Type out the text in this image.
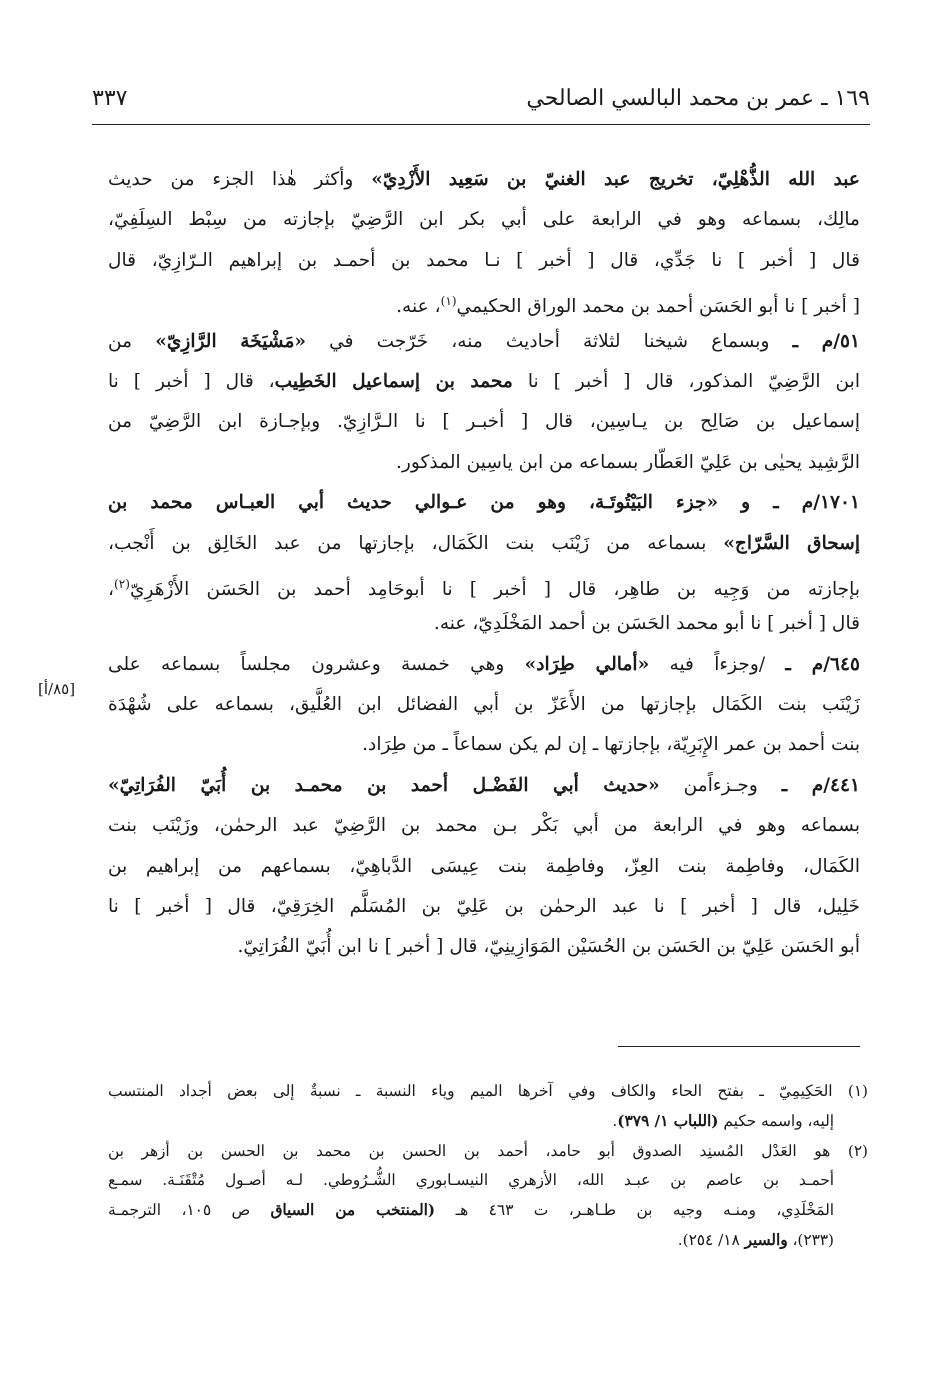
١٦٩ ـ عمر بن محمد البالسي الصالحي
٣٣٧
عبد الله الذُّهْلِيّ، تخريج عبد الغنيّ بن سَعِيد الأَزْدِيّ» وأكثر هٰذا الجزء من حديث
مالِك، بسماعه وهو في الرابعة على أبي بكر ابن الرَّضِيّ بإجازته من سِبْط السِلَفِيّ،
قال [ أخبر ] نا جَدِّي، قال [ أخبر ] نـا محمد بن أحمـد بن إبراهيم الـرّازِيّ، قال
[ أخبر ] نا أبو الحَسَن أحمد بن محمد الوراق الحكيمي$^{(١)}$، عنه.
٥١/م ـ وبسماع شيخنا لثلاثة أحاديث منه، خَرّجت في «مَشْيَخَة الرَّازِيّ» من
ابن الرَّضِيّ المذكور، قال [ أخبر ] نا محمد بن إسماعيل الخَطِيب، قال [ أخبر ] نا
إسماعيل بن صَالِح بن يـاسِين، قال [ أخبـر ] نا الـرَّازِيّ. وبإجـازة ابن الرَّضِيّ من
الرَّشِيد يحيٰى بن عَلِيّ العَطّار بسماعه من ابن ياسِين المذكور.
١٧٠١/م ـ و «جزء البَيْتُوتَـة، وهو من عـوالي حديث أبي العبـاس محمد بن
إسحاق السَّرّاج» بسماعه من زَيْنَب بنت الكَمَال، بإجازتها من عبد الخَالِق بن أَنْجب،
بإجازته من وَجِيه بن طاهِر، قال [ أخبر ] نا أبوحَامِد أحمد بن الحَسَن الأَزْهَرِيّ$^{(٢)}$،
قال [ أخبر ] نا أبو محمد الحَسَن بن أحمد المَخْلَدِيّ، عنه.
٦٤٥/م ـ /وجزءاً فيه «أمالي طِرَاد» وهي خمسة وعشرون مجلساً بسماعه على
زَيْنَب بنت الكَمَال بإجازتها من الأَعَزّ بن أبي الفضائل ابن العُلَّيق، بسماعه على شُهْدَة
بنت أحمد بن عمر الإِبَرِيّة، بإجازتها ـ إن لم يكن سماعاً ـ من طِرَاد.
٤٤١/م ـ وجـزءاًمن «حديث أبي الفَضْـل أحمد بن محمـد بن أُبَيّ الفُرَاتِيّ»
بسماعه وهو في الرابعة من أبي بَكْر بـن محمد بن الرَّضِيّ عبد الرحمٰن، وزَيْنَب بنت
الكَمَال، وفاطِمة بنت العِزّ، وفاطِمة بنت عِيسَى الدَّباهِيّ، بسماعهم من إبراهيم بن
خَلِيل، قال [ أخبر ] نا عبد الرحمٰن بن عَلِيّ بن المُسَلَّم الخِرَقِيّ، قال [ أخبر ] نا
أبو الحَسَن عَلِيّ بن الحَسَن بن الحُسَيْن المَوَازِينِيّ، قال [ أخبر ] نا ابن أُبَيّ الفُرَاتِيّ.
[٨٥/أ]
(١) الحَكِيمِيّ ـ بفتح الحاء والكاف وفي آخرها الميم وياء النسبة ـ نسبةٌ إلى بعض أجداد المنتسب
إليه، واسمه حكيم (اللباب ١/ ٣٧٩).
(٢) هو العَدْل المُسنِد الصدوق أبو حامد، أحمد بن الحسن بن محمد بن الحسن بن أزهر بن
أحمـد بن عاصم بن عبـد الله، الأزهري النيسـابوري الشُّـرُوطي. لـه أصـول مُتْقَنَـة. سمـع
المَخْلَدِي، ومنـه وجيه بن طـاهـر، ت ٤٦٣ هـ (المنتخب من السياق ص ١٠٥، الترجمـة
(٢٣٣)، والسير ١٨/ ٢٥٤).
